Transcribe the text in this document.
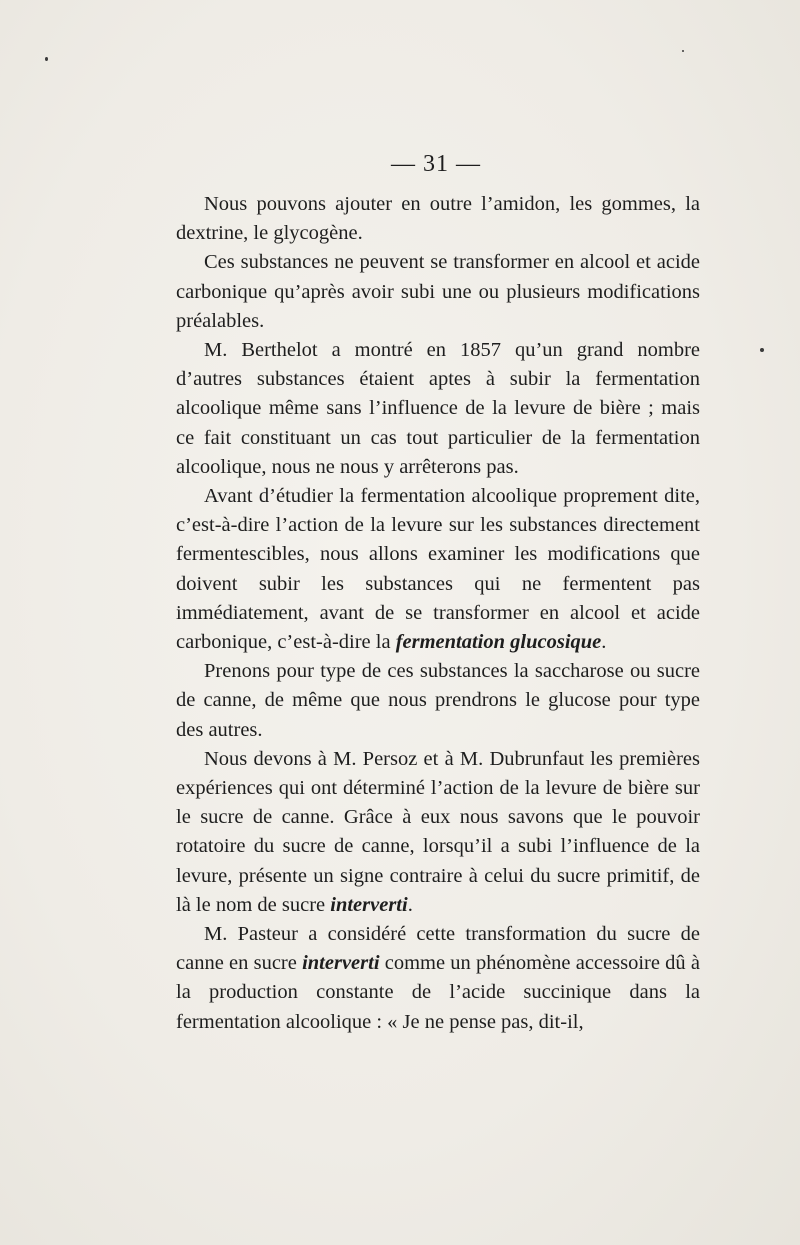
— 31 —

Nous pouvons ajouter en outre l’amidon, les gommes, la dextrine, le glycogène.

Ces substances ne peuvent se transformer en alcool et acide carbonique qu’après avoir subi une ou plusieurs modifications préalables.

M. Berthelot a montré en 1857 qu’un grand nombre d’autres substances étaient aptes à subir la fermentation alcoolique même sans l’influence de la levure de bière ; mais ce fait constituant un cas tout particulier de la fermentation alcoolique, nous ne nous y arrêterons pas.

Avant d’étudier la fermentation alcoolique proprement dite, c’est-à-dire l’action de la levure sur les substances directement fermentescibles, nous allons examiner les modifications que doivent subir les substances qui ne fermentent pas immédiatement, avant de se transformer en alcool et acide carbonique, c’est-à-dire la fermentation glucosique.

Prenons pour type de ces substances la saccharose ou sucre de canne, de même que nous prendrons le glucose pour type des autres.

Nous devons à M. Persoz et à M. Dubrunfaut les premières expériences qui ont déterminé l’action de la levure de bière sur le sucre de canne. Grâce à eux nous savons que le pouvoir rotatoire du sucre de canne, lorsqu’il a subi l’influence de la levure, présente un signe contraire à celui du sucre primitif, de là le nom de sucre interverti.

M. Pasteur a considéré cette transformation du sucre de canne en sucre interverti comme un phénomène accessoire dû à la production constante de l’acide succinique dans la fermentation alcoolique : « Je ne pense pas, dit-il,
